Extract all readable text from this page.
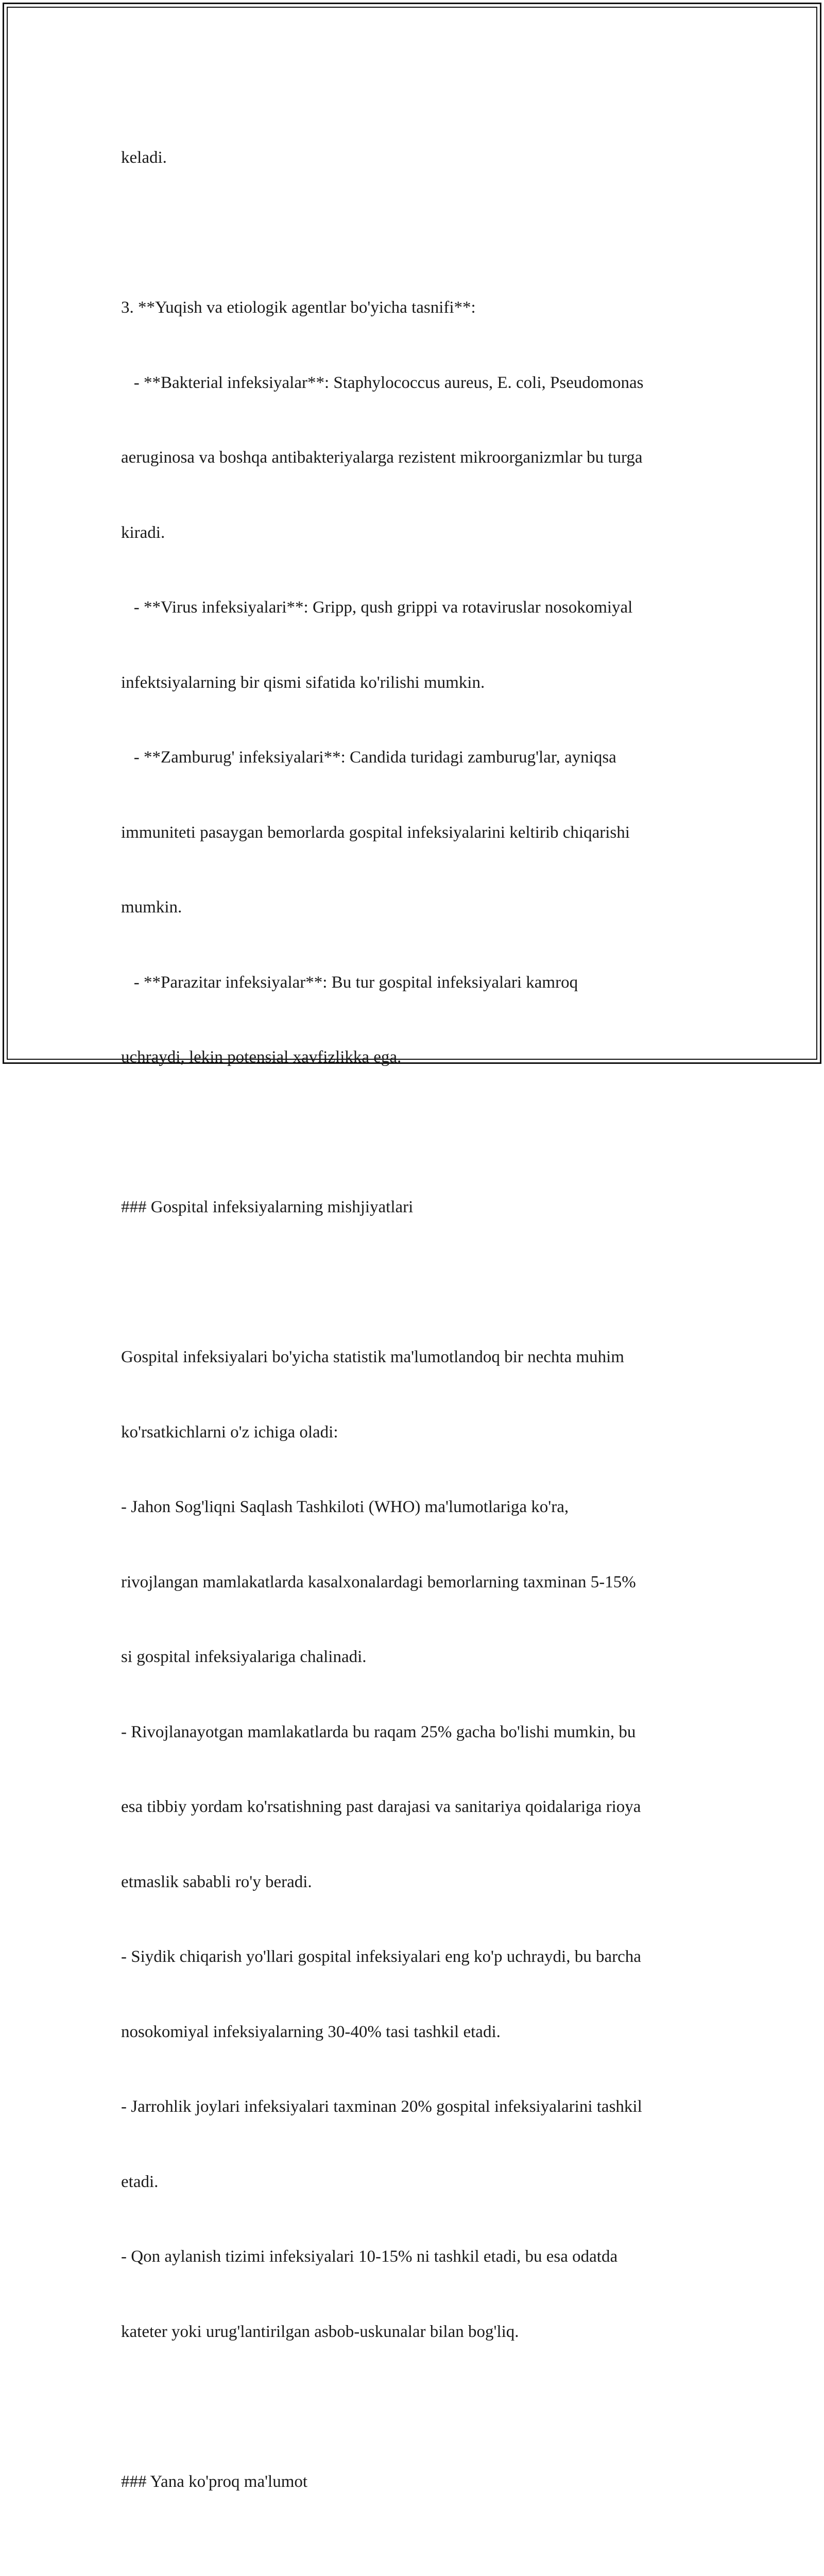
keladi.

3. **Yuqish va etiologik agentlar bo'yicha tasnifi**:

- **Bakterial infeksiyalar**: Staphylococcus aureus, E. coli, Pseudomonas

aeruginosa va boshqa antibakteriyalarga rezistent mikroorganizmlar bu turga

kiradi.

- **Virus infeksiyalari**: Gripp, qush grippi va rotaviruslar nosokomiyal

infektsiyalarning bir qismi sifatida ko'rilishi mumkin.

- **Zamburug' infeksiyalari**: Candida turidagi zamburug'lar, ayniqsa

immuniteti pasaygan bemorlarda gospital infeksiyalarini keltirib chiqarishi

mumkin.

- **Parazitar infeksiyalar**: Bu tur gospital infeksiyalari kamroq

uchraydi, lekin potensial xavfizlikka ega.

### Gospital infeksiyalarning mishjiyatlari

Gospital infeksiyalari bo'yicha statistik ma'lumotlandoq bir nechta muhim

ko'rsatkichlarni o'z ichiga oladi:

- Jahon Sog'liqni Saqlash Tashkiloti (WHO) ma'lumotlariga ko'ra,

rivojlangan mamlakatlarda kasalxonalardagi bemorlarning taxminan 5-15%

si gospital infeksiyalariga chalinadi.

- Rivojlanayotgan mamlakatlarda bu raqam 25% gacha bo'lishi mumkin, bu

esa tibbiy yordam ko'rsatishning past darajasi va sanitariya qoidalariga rioya

etmaslik sababli ro'y beradi.

- Siydik chiqarish yo'llari gospital infeksiyalari eng ko'p uchraydi, bu barcha

nosokomiyal infeksiyalarning 30-40% tasi tashkil etadi.

- Jarrohlik joylari infeksiyalari taxminan 20% gospital infeksiyalarini tashkil

etadi.

- Qon aylanish tizimi infeksiyalari 10-15% ni tashkil etadi, bu esa odatda

kateter yoki urug'lantirilgan asbob-uskunalar bilan bog'liq.

### Yana ko'proq ma'lumot
